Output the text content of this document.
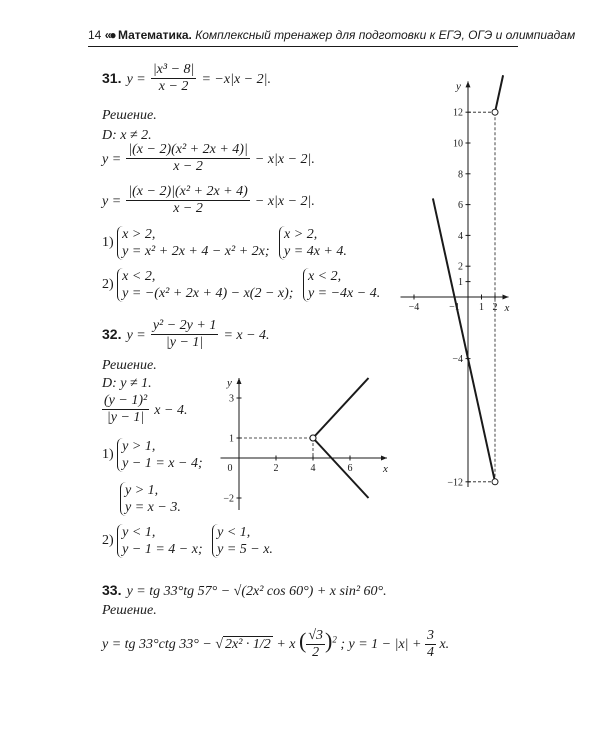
14 «● Математика. Комплексный тренажер для подготовки к ЕГЭ, ОГЭ и олимпиадам
31. $y = \frac{\text{|x³ − 8|}}{x - 2} = -x|x - 2|$.
Решение.
D: x ≠ 2.
$y = \frac{\text{|(x − 2)(x² + 2x + 4)|}}{x - 2} - x|x - 2|$.
$y = \frac{\text{|(x − 2)|(x² + 2x + 4)}}{x - 2} - x|x - 2|$.
1) x > 2,
y = x² + 2x + 4 − x² + 2x; x > 2,
y = 4x + 4.
2) x < 2,
y = −(x² + 2x + 4) − x(2 − x); x < 2,
y = −4x − 4.
32. $y = \frac{\text{y² − 2y + 1}}{|y - 1|} = x - 4$.
Решение.
D: y ≠ 1.
$\frac{\text{(y − 1)²}}{|y - 1|}$ x − 4.
1) y > 1,
y − 1 = x − 4;
y > 1,
y = x − 3.
2) y < 1,
y − 1 = 4 − x; y < 1,
y = 5 − x.
33. y = tg 33°tg 57° − √(2x² cos 60°) + x sin² 60°.
Решение.
y = tg 33°ctg 33° − √ 2x² · 1/2 + x ( $\frac{√3}{2} )^2$ ; $y = 1 - |x| + \frac{3}{4} x$.
x
y
−4	−1 1 2
12
10
8
6
4
2
1
−4
−12
x
y
0	2	4	6
3
1
−2
